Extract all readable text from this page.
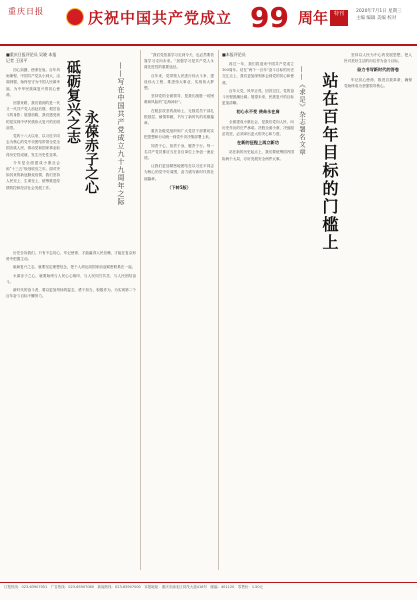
重庆日报	庆祝中国共产党成立 99 周年	特刊	2020年7月1日 星期三
主编 编辑 美编 校对
■重庆日报评论员 吴晓 本报记者 王国平

初心如磐，使命在肩。百年风雨兼程，中国共产党从小到大、由弱到强，始终坚守为中国人民谋幸福、为中华民族谋复兴的初心使命。

回望来路，我们看到的是一代又一代共产党人前赴后继、艰苦奋斗的身影；展望前路，我们感受到的是实现中华民族伟大复兴的光明前景。

党的十八大以来，以习近平同志为核心的党中央团结带领全党全国各族人民，推动党和国家事业取得历史性成就、发生历史性变革。

今年是全面建成小康社会和“十三五”规划收官之年。面对突如其来的新冠肺炎疫情，我们坚持人民至上、生命至上，统筹推进疫情防控和经济社会发展工作。

砥砺复兴之志
永葆赤子之心	——写在中国共产党成立九十九周年之际

历史告诉我们，只有不忘初心、牢记使命，才能赢得人民信赖，才能在复杂形势中把握主动。

砥砺复兴之志，就要坚定理想信念，把个人命运同国家前途紧密联系在一起。

永葆赤子之心，就要始终与人民心心相印、与人民同甘共苦、与人民团结奋斗。

新时代的奋斗者，要以更加昂扬的姿态，勇于担当，积极作为，为实现第二个百年奋斗目标不懈努力。

“我们党依靠学习走到今天，也必然要依靠学习走向未来。”加强学习是共产党人永葆先进性的重要途径。

百年来，党带领人民进行伟大斗争、建设伟大工程、推进伟大事业、实现伟大梦想。

坚持党的全面领导，是我们战胜一切困难和风险的“定海神针”。

在脱贫攻坚的战场上，无数党员干部扎根基层、倾情奉献，书写了新时代的英雄篇章。

重庆各级党组织和广大党员干部要切实把思想和行动统一到党中央决策部署上来。

知责于心，担责于身，履责于行。每一名共产党员都应当在各自岗位上争创一流业绩。

让我们更加紧密地团结在以习近平同志为核心的党中央周围，奋力谱写新时代的壮丽篇章。

（下转5版）
■本报评论员

再过一年，我们将迎来中国共产党成立100周年。站在“两个一百年”奋斗目标的历史交汇点上，我们更加深刻体会到党的初心和使命。

百年大党，风华正茂。回首过往，党的奋斗历程波澜壮阔；展望未来，民族复兴的目标更加清晰。

初心永不变 使命永在肩

全面建成小康社会，是我们党向人民、向历史作出的庄严承诺。决胜全面小康、决战脱贫攻坚，必须拿出更大的决心和力度。

在新的征程上再立新功

站在新的历史起点上，我们要统筹国内国际两个大局，办好发展安全两件大事。

——《求是》杂志署名文章 站在百年目标的门槛上

坚持以人民为中心的发展思想，把人民对美好生活的向往作为奋斗目标。

奋力书写新时代的答卷

牢记初心使命，推进自我革命，确保党始终成为坚强领导核心。

订报热线：023-63907051　广告热线：023-63907080　新闻热线：023-63907000　本报地址：重庆市渝北区同茂大道416号　邮编：401120　零售价：1.50元
